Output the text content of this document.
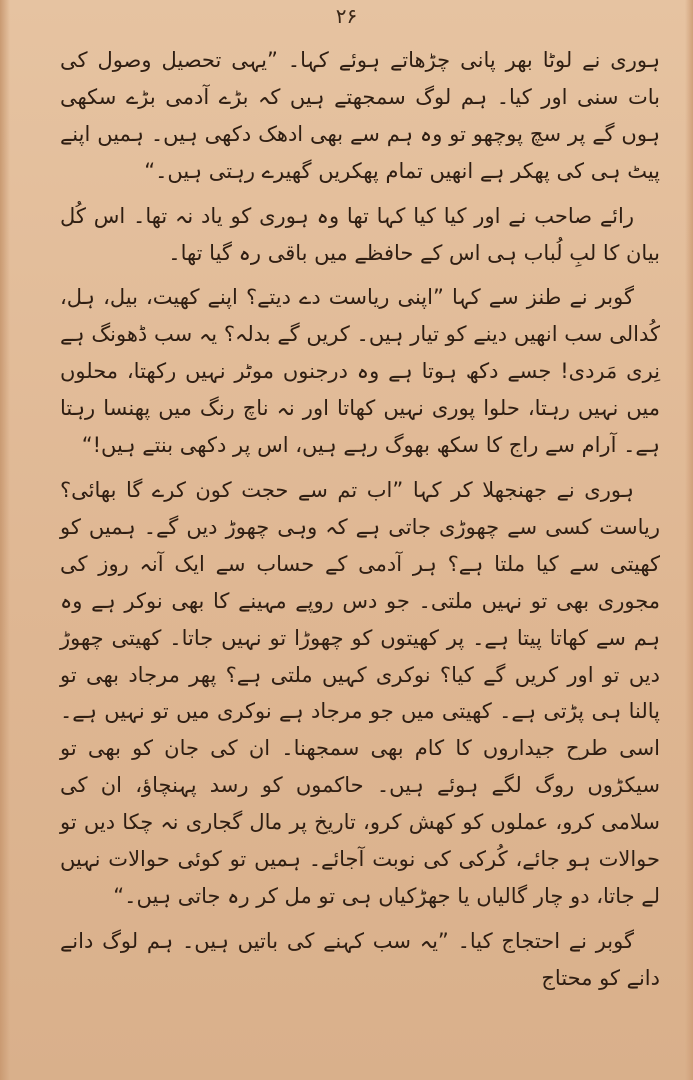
۲۶

ہوری نے لوٹا بھر پانی چڑھاتے ہوئے کہا۔ ”یہی تحصیل وصول کی بات سنی اور کیا۔ ہم لوگ سمجھتے ہیں کہ بڑے آدمی بڑے سکھی ہوں گے پر سچ پوچھو تو وہ ہم سے بھی ادھک دکھی ہیں۔ ہمیں اپنے پیٹ ہی کی پھکر ہے انھیں تمام پھکریں گھیرے رہتی ہیں۔“

رائے صاحب نے اور کیا کیا کہا تھا وہ ہوری کو یاد نہ تھا۔ اس کُل بیان کا لبِ لُباب ہی اس کے حافظے میں باقی رہ گیا تھا۔

گوبر نے طنز سے کہا ”اپنی ریاست دے دیتے؟ اپنے کھیت، بیل، ہل، کُدالی سب انھیں دینے کو تیار ہیں۔ کریں گے بدلہ؟ یہ سب ڈھونگ ہے نِری مَردی! جسے دکھ ہوتا ہے وہ درجنوں موٹر نہیں رکھتا، محلوں میں نہیں رہتا، حلوا پوری نہیں کھاتا اور نہ ناچ رنگ میں پھنسا رہتا ہے۔ آرام سے راج کا سکھ بھوگ رہے ہیں، اس پر دکھی بنتے ہیں!“

ہوری نے جھنجھلا کر کہا ”اب تم سے حجت کون کرے گا بھائی؟ ریاست کسی سے چھوڑی جاتی ہے کہ وہی چھوڑ دیں گے۔ ہمیں کو کھیتی سے کیا ملتا ہے؟ ہر آدمی کے حساب سے ایک آنہ روز کی مجوری بھی تو نہیں ملتی۔ جو دس روپے مہینے کا بھی نوکر ہے وہ ہم سے کھاتا پیتا ہے۔ پر کھیتوں کو چھوڑا تو نہیں جاتا۔ کھیتی چھوڑ دیں تو اور کریں گے کیا؟ نوکری کہیں ملتی ہے؟ پھر مرجاد بھی تو پالنا ہی پڑتی ہے۔ کھیتی میں جو مرجاد ہے نوکری میں تو نہیں ہے۔ اسی طرح جیداروں کا کام بھی سمجھنا۔ ان کی جان کو بھی تو سیکڑوں روگ لگے ہوئے ہیں۔ حاکموں کو رسد پہنچاؤ، ان کی سلامی کرو، عملوں کو کھش کرو، تاریخ پر مال گجاری نہ چکا دیں تو حوالات ہو جائے، کُرکی کی نوبت آجائے۔ ہمیں تو کوئی حوالات نہیں لے جاتا، دو چار گالیاں یا جھڑکیاں ہی تو مل کر رہ جاتی ہیں۔“

گوبر نے احتجاج کیا۔ ”یہ سب کہنے کی باتیں ہیں۔ ہم لوگ دانے دانے کو محتاج
